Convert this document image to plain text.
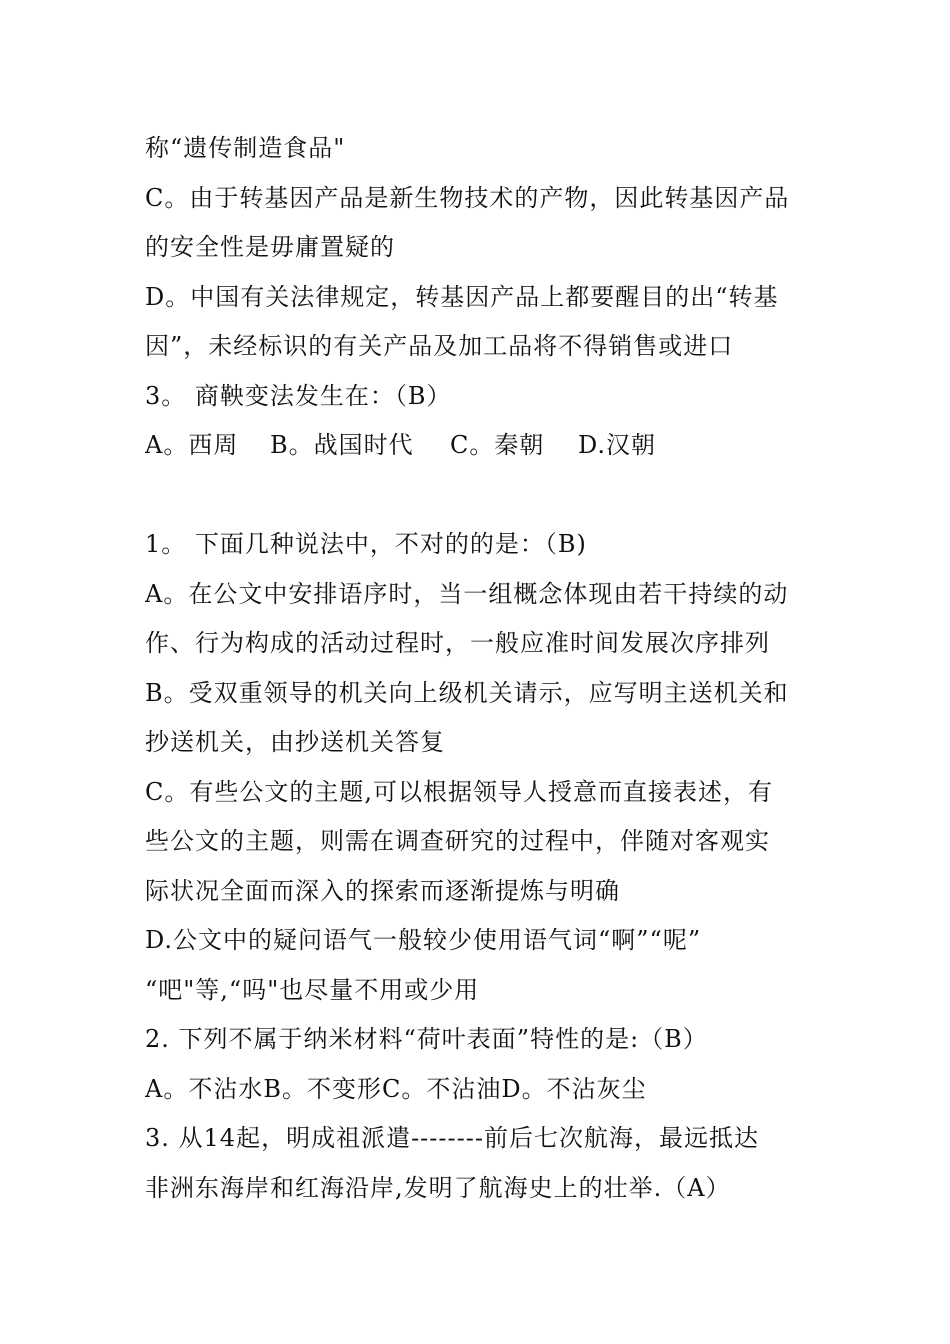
称“遗传制造食品"
C。由于转基因产品是新生物技术的产物，因此转基因产品
的安全性是毋庸置疑的
D。中国有关法律规定，转基因产品上都要醒目的出“转基
因”，未经标识的有关产品及加工品将不得销售或进口
3。 商鞅变法发生在：（B）
A。西周 B。战国时代 C。秦朝 D.汉朝
1。 下面几种说法中，不对的的是：（B)
A。在公文中安排语序时，当一组概念体现由若干持续的动
作、行为构成的活动过程时，一般应准时间发展次序排列
B。受双重领导的机关向上级机关请示，应写明主送机关和
抄送机关，由抄送机关答复
C。有些公文的主题,可以根据领导人授意而直接表述，有
些公文的主题，则需在调查研究的过程中，伴随对客观实
际状况全面而深入的探索而逐渐提炼与明确
D.公文中的疑问语气一般较少使用语气词“啊”“呢”
“吧"等,“吗"也尽量不用或少用
2. 下列不属于纳米材料“荷叶表面”特性的是:（B）
A。不沾水B。不变形C。不沾油D。不沾灰尘
3. 从14起，明成祖派遣--------前后七次航海，最远抵达
非洲东海岸和红海沿岸,发明了航海史上的壮举.（A）
